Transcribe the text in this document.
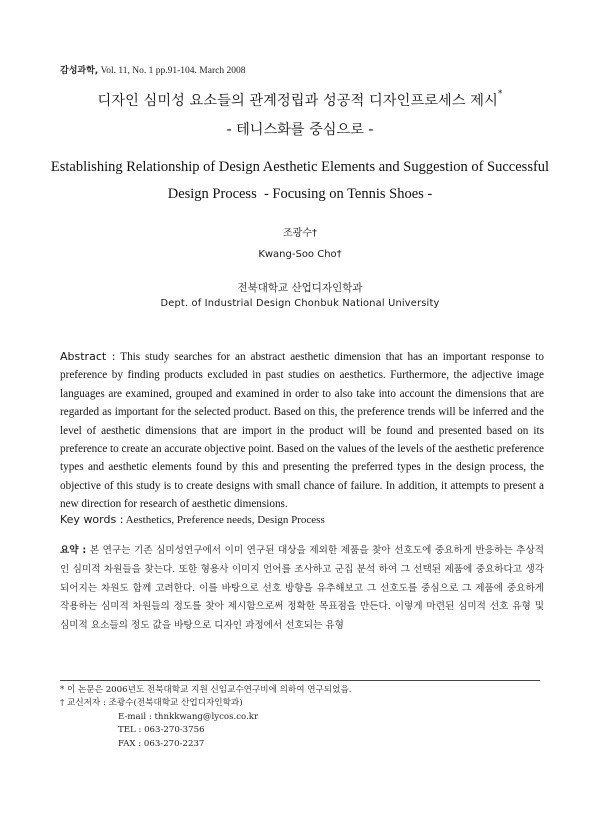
감성과학, Vol. 11, No. 1 pp.91-104. March 2008
디자인 심미성 요소들의 관계정립과 성공적 디자인프로세스 제시*
- 테니스화를 중심으로 -
Establishing Relationship of Design Aesthetic Elements and Suggestion of Successful
Design Process  - Focusing on Tennis Shoes -
조광수†
Kwang-Soo Cho†
전북대학교 산업디자인학과
Dept. of Industrial Design Chonbuk National University
Abstract : This study searches for an abstract aesthetic dimension that has an important response to preference by finding products excluded in past studies on aesthetics. Furthermore, the adjective image languages are examined, grouped and examined in order to also take into account the dimensions that are regarded as important for the selected product. Based on this, the preference trends will be inferred and the level of aesthetic dimensions that are import in the product will be found and presented based on its preference to create an accurate objective point. Based on the values of the levels of the aesthetic preference types and aesthetic elements found by this and presenting the preferred types in the design process, the objective of this study is to create designs with small chance of failure. In addition, it attempts to present a new direction for research of aesthetic dimensions.
Key words : Aesthetics, Preference needs, Design Process
요약 : 본 연구는 기존 심미성연구에서 이미 연구된 대상을 제외한 제품을 찾아 선호도에 중요하게 반응하는 추상적인 심미적 차원들을 찾는다. 또한 형용사 이미지 언어를 조사하고 군집 분석 하여 그 선택된 제품에 중요하다고 생각되어지는 차원도 함께 고려한다. 이를 바탕으로 선호 방향을 유추해보고 그 선호도를 중심으로 그 제품에 중요하게 작용하는 심미적 차원들의 정도를 찾아 제시함으로써 정확한 목표점을 만든다. 이렇게 마련된 심미적 선호 유형 및 심미적 요소들의 정도 값을 바탕으로 디자인 과정에서 선호되는 유형
* 이 논문은 2006년도 전북대학교 지원 신임교수연구비에 의하여 연구되었음.
† 교신저자 : 조광수(전북대학교 산업디자인학과)
E-mail : thnkkwang@lycos.co.kr
TEL : 063-270-3756
FAX : 063-270-2237
